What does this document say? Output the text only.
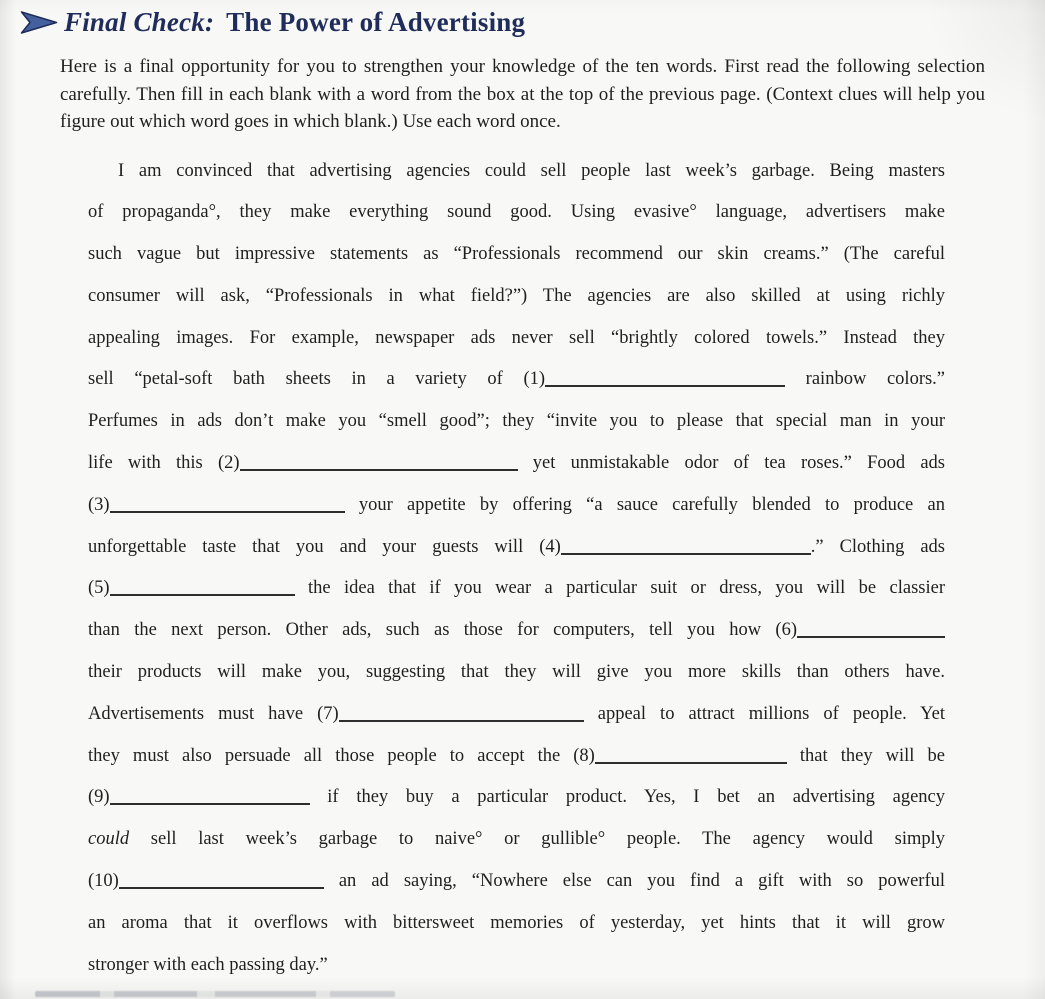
Final Check: The Power of Advertising

Here is a final opportunity for you to strengthen your knowledge of the ten words. First read the following selection carefully. Then fill in each blank with a word from the box at the top of the previous page. (Context clues will help you figure out which word goes in which blank.) Use each word once.

I am convinced that advertising agencies could sell people last week’s garbage. Being masters
of propaganda°, they make everything sound good. Using evasive° language, advertisers make
such vague but impressive statements as “Professionals recommend our skin creams.” (The careful
consumer will ask, “Professionals in what field?”) The agencies are also skilled at using richly
appealing images. For example, newspaper ads never sell “brightly colored towels.” Instead they
sell “petal-soft bath sheets in a variety of (1)	rainbow colors.”
Perfumes in ads don’t make you “smell good”; they “invite you to please that special man in your
life with this (2)	yet unmistakable odor of tea roses.” Food ads
(3)	your appetite by offering “a sauce carefully blended to produce an
unforgettable taste that you and your guests will (4)	.” Clothing ads
(5)	the idea that if you wear a particular suit or dress, you will be classier
than the next person. Other ads, such as those for computers, tell you how (6)
their products will make you, suggesting that they will give you more skills than others have.
Advertisements must have (7)	appeal to attract millions of people. Yet
they must also persuade all those people to accept the (8)	that they will be
(9)	if they buy a particular product. Yes, I bet an advertising agency
could sell last week’s garbage to naive° or gullible° people. The agency would simply
(10)	an ad saying, “Nowhere else can you find a gift with so powerful
an aroma that it overflows with bittersweet memories of yesterday, yet hints that it will grow
stronger with each passing day.”
